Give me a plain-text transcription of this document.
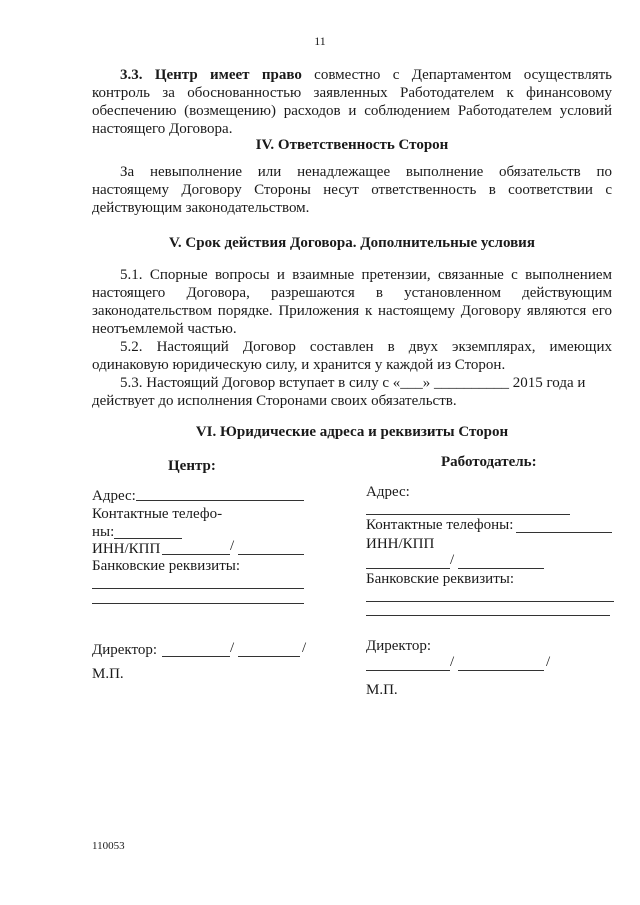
11
3.3. Центр имеет право совместно с Департаментом осуществлять контроль за обоснованностью заявленных Работодателем к финансовому обеспечению (возмещению) расходов и соблюдением Работодателем условий настоящего Договора.
IV. Ответственность Сторон
За невыполнение или ненадлежащее выполнение обязательств по настоящему Договору Стороны несут ответственность в соответствии с действующим законодательством.
V. Срок действия Договора. Дополнительные условия
5.1. Спорные вопросы и взаимные претензии, связанные с выполнением настоящего Договора, разрешаются в установленном действующим законодательством порядке. Приложения к настоящему Договору являются его неотъемлемой частью.
5.2. Настоящий Договор составлен в двух экземплярах, имеющих одинаковую юридическую силу, и хранится у каждой из Сторон.
5.3. Настоящий Договор вступает в силу с «___» __________ 2015 года и
действует до исполнения Сторонами своих обязательств.
VI. Юридические адреса и реквизиты Сторон
Центр:
Адрес:
Контактные телефо-
ны:
ИНН/КПП	/
Банковские реквизиты:
Директор:	/	/
М.П.
Работодатель:
Адрес:
Контактные телефоны:
ИНН/КПП
/
Банковские реквизиты:
Директор:
/	/
М.П.
110053
